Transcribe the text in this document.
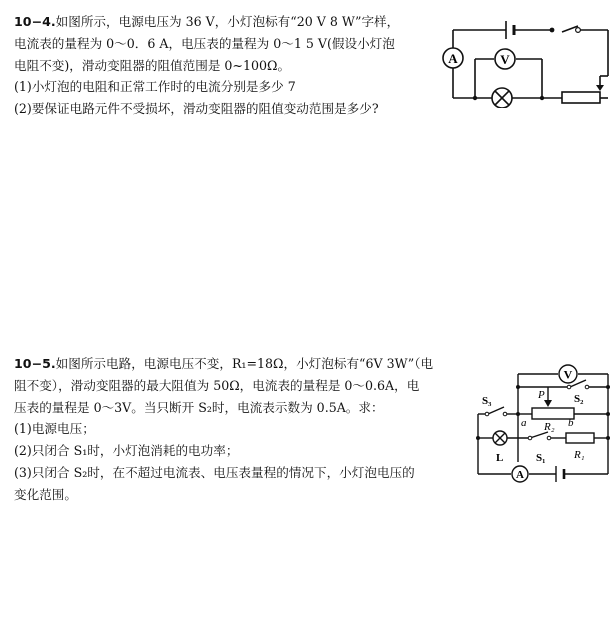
10−4.如图所示，电源电压为 36 V，小灯泡标有“20 V 8 W”字样，

电流表的量程为 0～0．6 A，电压表的量程为 0～1 5 V(假设小灯泡

电阻不变)，滑动变阻器的阻值范围是 0~100Ω。

(1)小灯泡的电阻和正常工作时的电流分别是多少 7

(2)要保证电路元件不受损坏，滑动变阻器的阻值变动范围是多少?

A	V

10−5.如图所示电路，电源电压不变，R₁=18Ω，小灯泡标有“6V 3W”（电

阻不变），滑动变阻器的最大阻值为 50Ω，电流表的量程是 0～0.6A，电

压表的量程是 0～3V。当只断开 S₂时，电流表示数为 0.5A。求：

(1)电源电压；

(2)只闭合 S₁时，小灯泡消耗的电功率；

(3)只闭合 S₂时，在不超过电流表、电压表量程的情况下，小灯泡电压的

变化范围。

V
A
S₃	S₂
P
a	b
R₂
L	S₁	R₁
